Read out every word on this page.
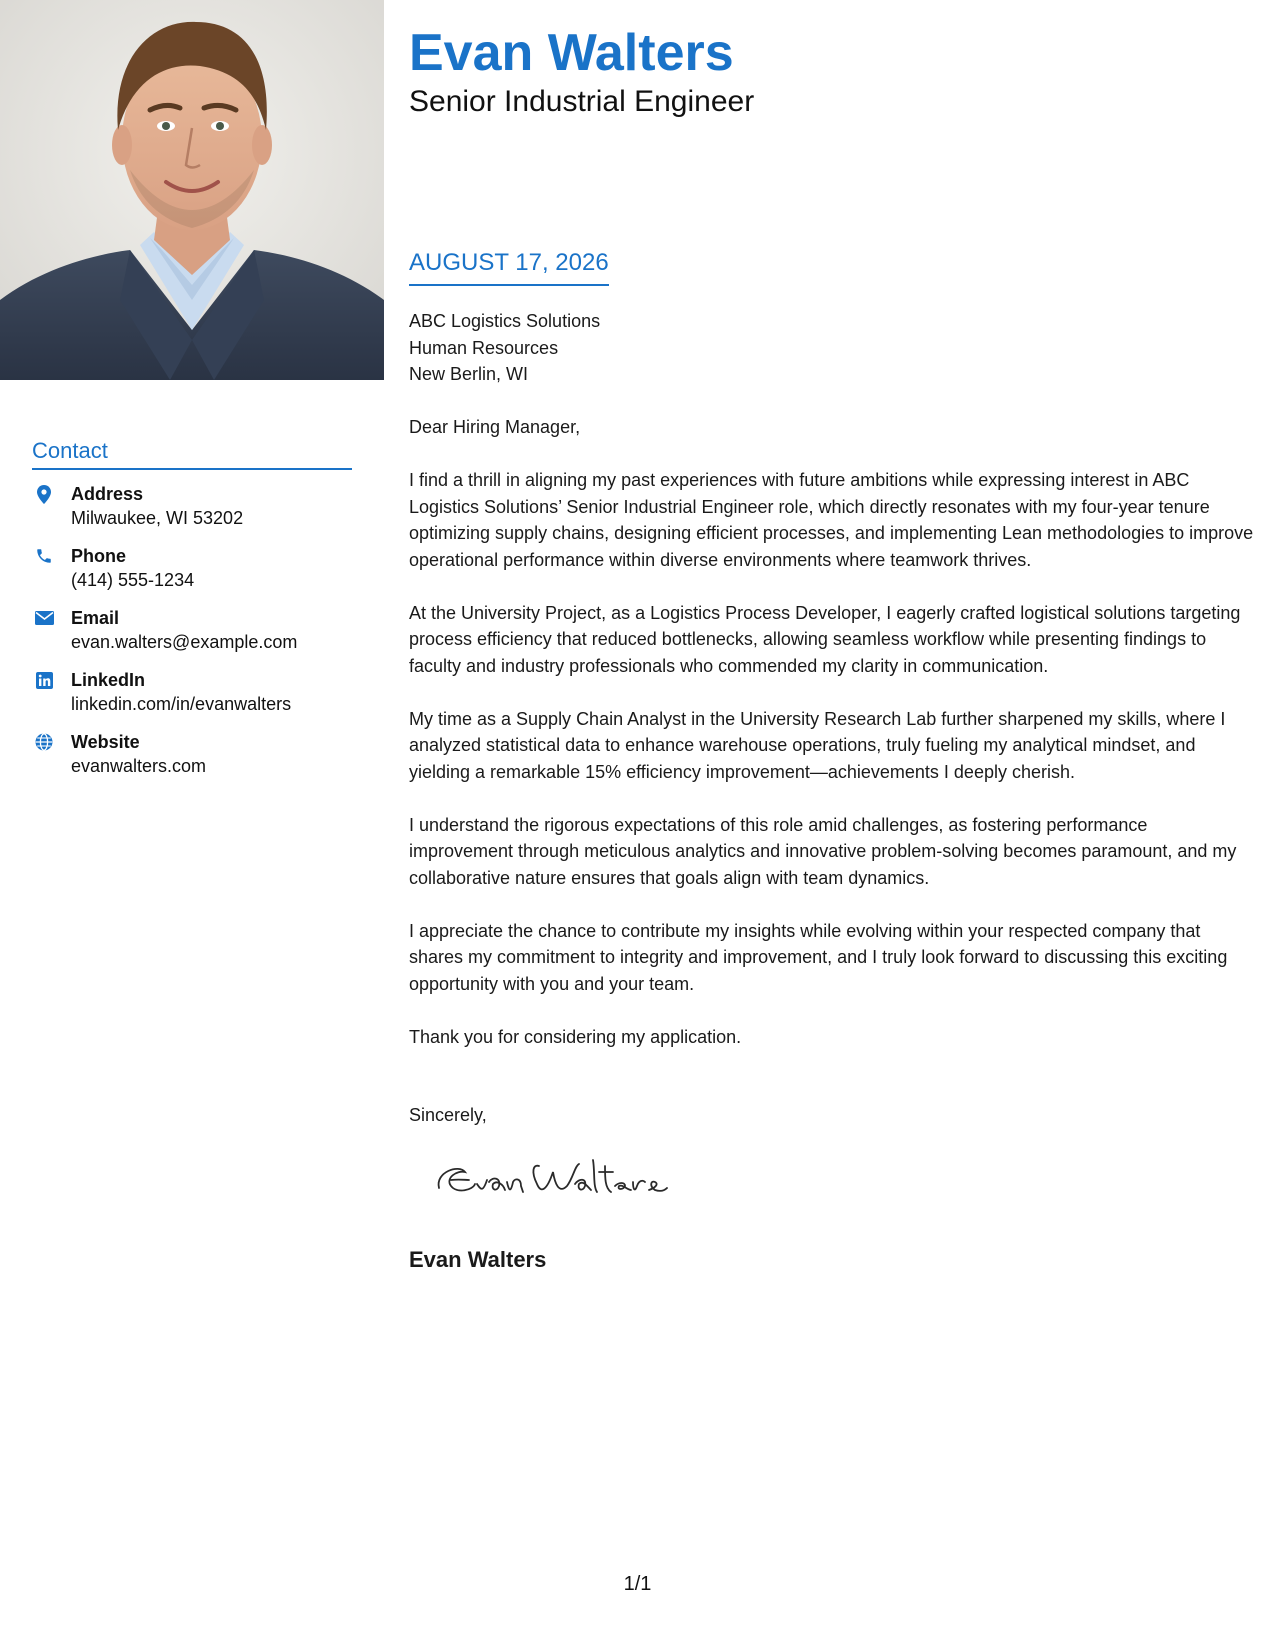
Contact
Address
Milwaukee, WI 53202
Phone
(414) 555-1234
Email
evan.walters@example.com
LinkedIn
linkedin.com/in/evanwalters
Website
evanwalters.com
Evan Walters
Senior Industrial Engineer
AUGUST 17, 2026
ABC Logistics Solutions
Human Resources
New Berlin, WI

Dear Hiring Manager,

I find a thrill in aligning my past experiences with future ambitions while expressing interest in ABC Logistics Solutions’ Senior Industrial Engineer role, which directly resonates with my four-year tenure optimizing supply chains, designing efficient processes, and implementing Lean methodologies to improve operational performance within diverse environments where teamwork thrives.

At the University Project, as a Logistics Process Developer, I eagerly crafted logistical solutions targeting process efficiency that reduced bottlenecks, allowing seamless workflow while presenting findings to faculty and industry professionals who commended my clarity in communication.

My time as a Supply Chain Analyst in the University Research Lab further sharpened my skills, where I analyzed statistical data to enhance warehouse operations, truly fueling my analytical mindset, and yielding a remarkable 15% efficiency improvement—achievements I deeply cherish.

I understand the rigorous expectations of this role amid challenges, as fostering performance improvement through meticulous analytics and innovative problem-solving becomes paramount, and my collaborative nature ensures that goals align with team dynamics.

I appreciate the chance to contribute my insights while evolving within your respected company that shares my commitment to integrity and improvement, and I truly look forward to discussing this exciting opportunity with you and your team.

Thank you for considering my application.

Sincerely,
Evan Walters
1/1
